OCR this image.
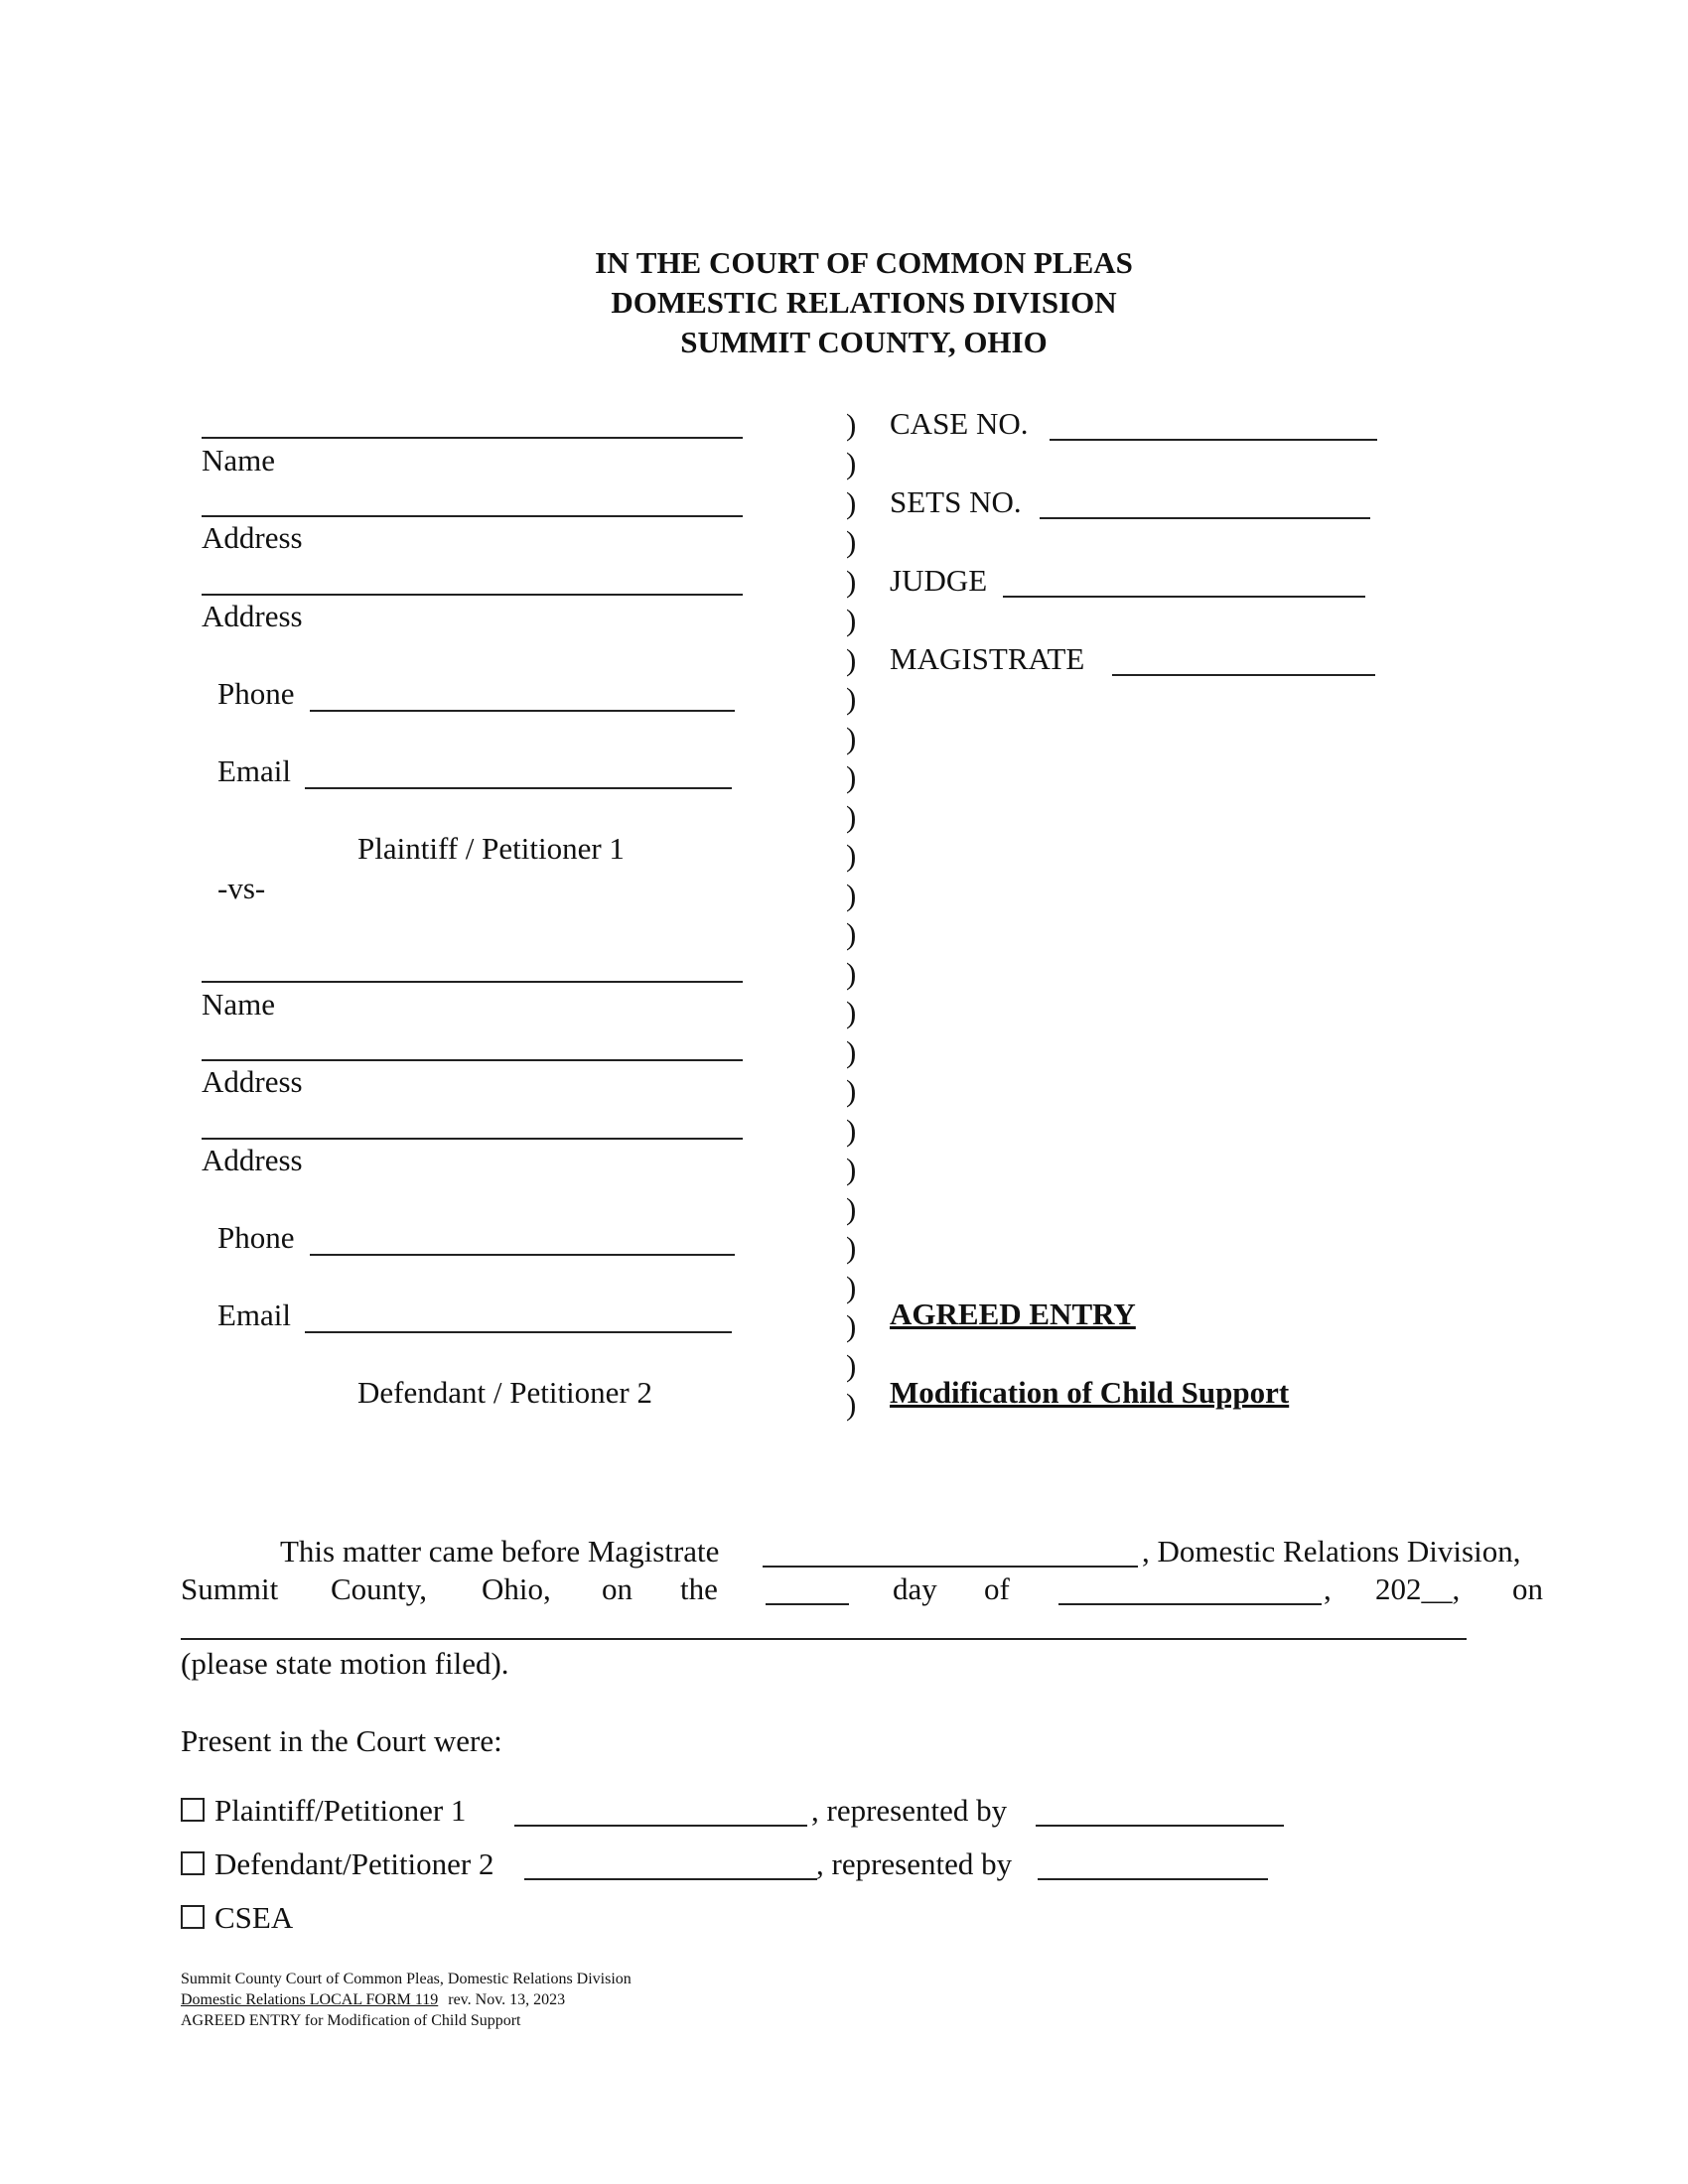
IN THE COURT OF COMMON PLEAS
DOMESTIC RELATIONS DIVISION
SUMMIT COUNTY, OHIO
Name
Address
Address
Phone
Email
Plaintiff / Petitioner 1
-vs-
Name
Address
Address
Phone
Email
Defendant / Petitioner 2
)
)
)
)
)
)
)
)
)
)
)
)
)
)
)
)
)
)
)
)
)
)
)
)
)
)
CASE NO.
SETS NO.
JUDGE
MAGISTRATE
AGREED ENTRY
Modification of Child Support
This matter came before Magistrate	, Domestic Relations Division,
Summit County, Ohio, on the	day of	, 202__, on
(please state motion filed).
Present in the Court were:
Plaintiff/Petitioner 1	, represented by
Defendant/Petitioner 2	, represented by
CSEA
Summit County Court of Common Pleas, Domestic Relations Division
Domestic Relations LOCAL FORM 119 rev. Nov. 13, 2023
AGREED ENTRY for Modification of Child Support
